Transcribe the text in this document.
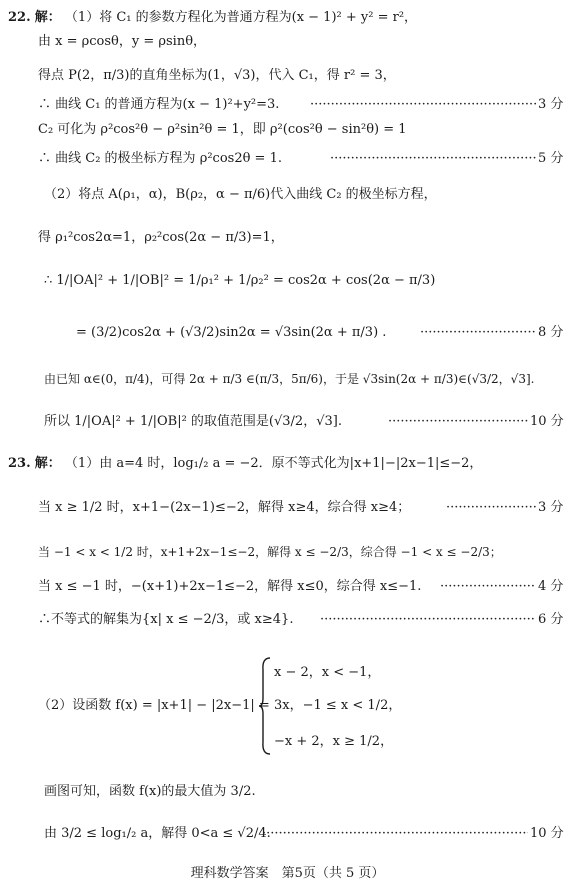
22. 解： （1）将 C₁ 的参数方程化为普通方程为(x − 1)² + y² = r²，
由 x = ρcosθ，y = ρsinθ，
得点 P(2，π/3)的直角坐标为(1，√3)，代入 C₁，得 r² = 3，
∴ 曲线 C₁ 的普通方程为(x − 1)²+y²=3. ·····	3 分
C₂ 可化为 ρ²cos²θ − ρ²sin²θ = 1，即 ρ²(cos²θ − sin²θ) = 1
∴ 曲线 C₂ 的极坐标方程为 ρ²cos2θ = 1. ·····	5 分
（2）将点 A(ρ₁，α)，B(ρ₂，α − π/6)代入曲线 C₂ 的极坐标方程，
得 ρ₁²cos2α=1，ρ₂²cos(2α − π/3)=1，
∴ 1/|OA|² + 1/|OB|² = 1/ρ₁² + 1/ρ₂² = cos2α + cos(2α − π/3)
= (3/2)cos2α + (√3/2)sin2α = √3sin(2α + π/3) . ·····	8 分
由已知 α∈(0，π/4)，可得 2α + π/3 ∈(π/3，5π/6)，于是 √3sin(2α + π/3)∈(√3/2，√3].
所以 1/|OA|² + 1/|OB|² 的取值范围是(√3/2，√3]. ·····	10 分
23. 解： （1）由 a=4 时，log₁/₂ a = −2．原不等式化为|x+1|−|2x−1|≤−2，
当 x ≥ 1/2 时，x+1−(2x−1)≤−2，解得 x≥4，综合得 x≥4； ·····	3 分
当 −1 < x < 1/2 时，x+1+2x−1≤−2，解得 x ≤ −2/3，综合得 −1 < x ≤ −2/3；
当 x ≤ −1 时，−(x+1)+2x−1≤−2，解得 x≤0，综合得 x≤−1. ·····	4 分
∴不等式的解集为{x| x ≤ −2/3，或 x≥4}. ·····	6 分
（2）设函数 f(x) = |x+1| − |2x−1| =
x − 2，x < −1，
3x，−1 ≤ x < 1/2，
−x + 2，x ≥ 1/2，
画图可知，函数 f(x)的最大值为 3/2.
由 3/2 ≤ log₁/₂ a，解得 0<a ≤ √2/4. ·····	10 分
理科数学答案　第5页（共 5 页）
